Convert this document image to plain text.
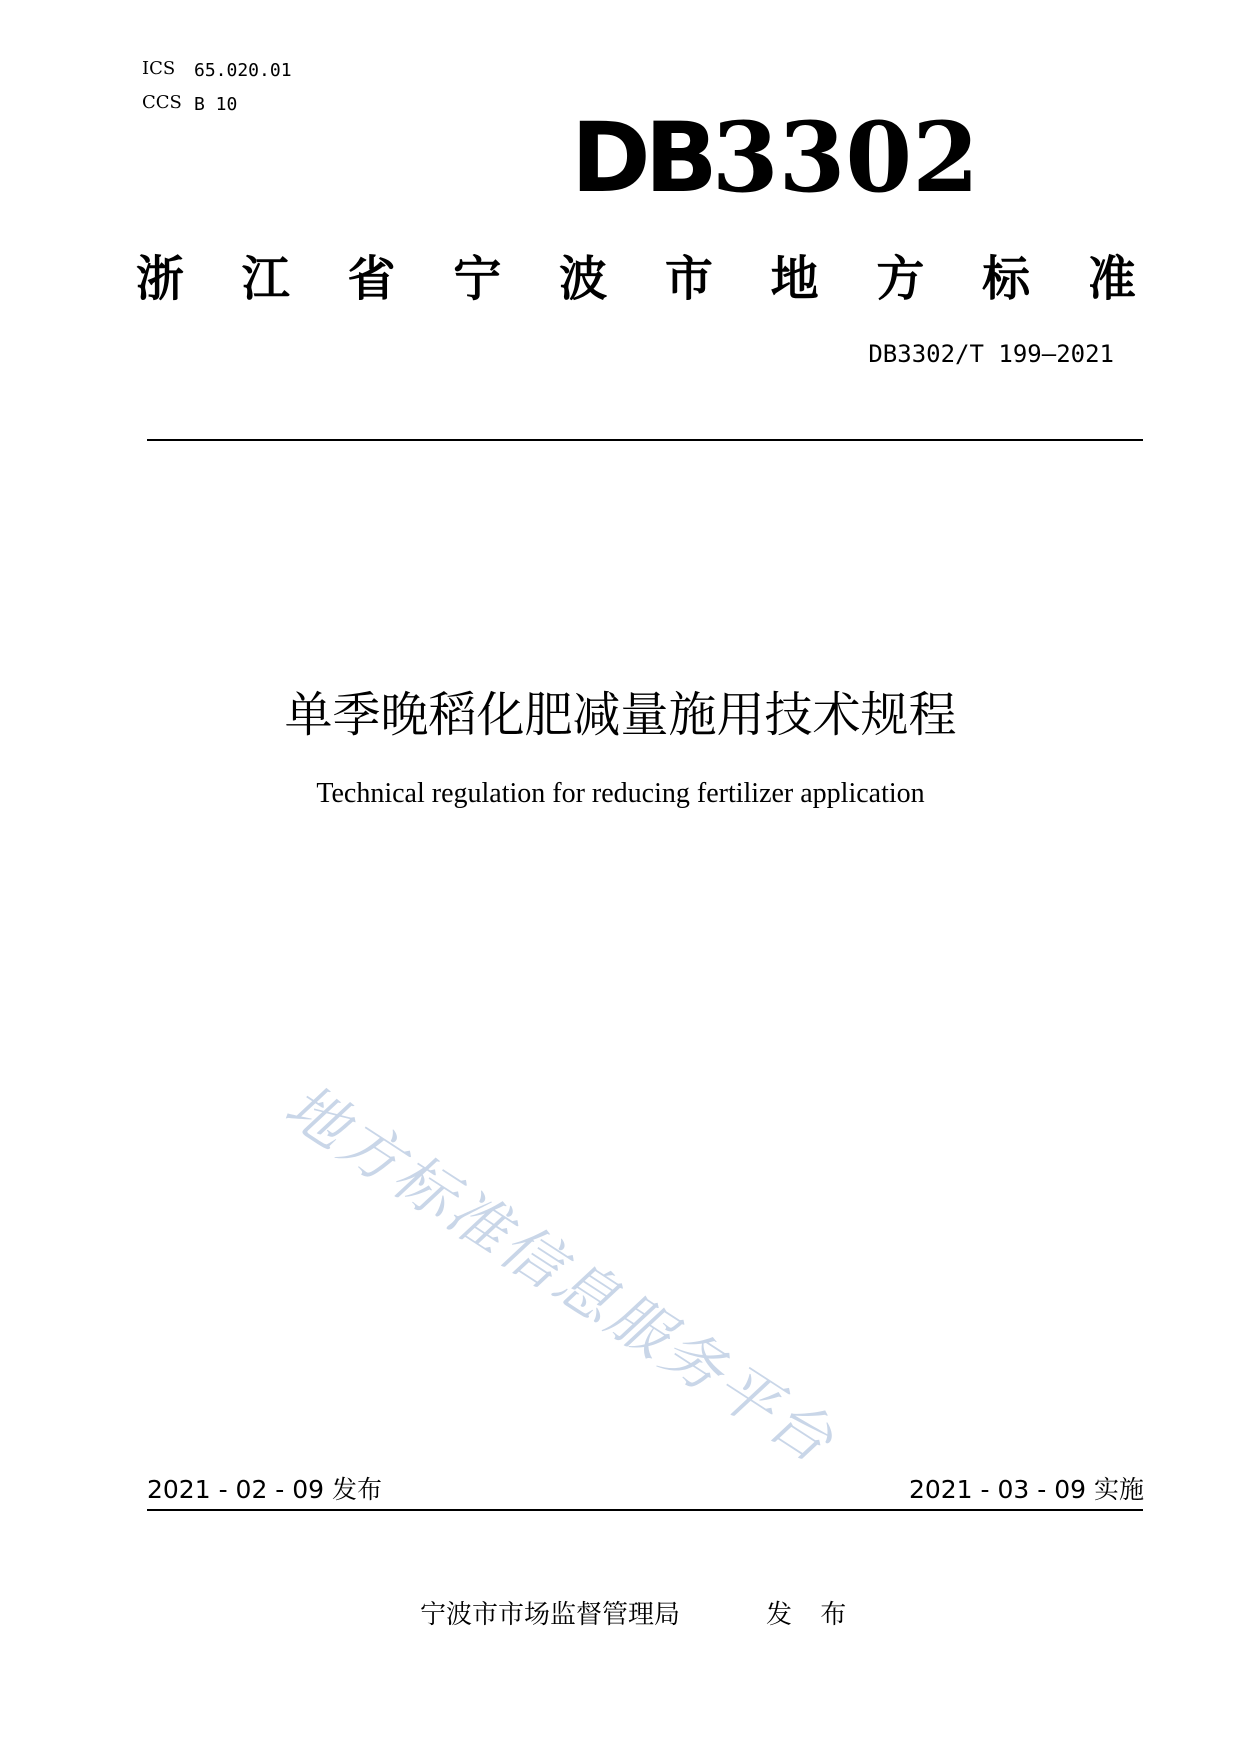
ICS 65.020.01
CCS B 10	DB3302
浙 江 省 宁 波 市 地 方 标 准
DB3302/T 199—2021
单季晚稻化肥减量施用技术规程
Technical regulation for reducing fertilizer application
地方标准信息服务平台
2021 - 02 - 09 发布	2021 - 03 - 09 实施
宁波市市场监督管理局	发 布
